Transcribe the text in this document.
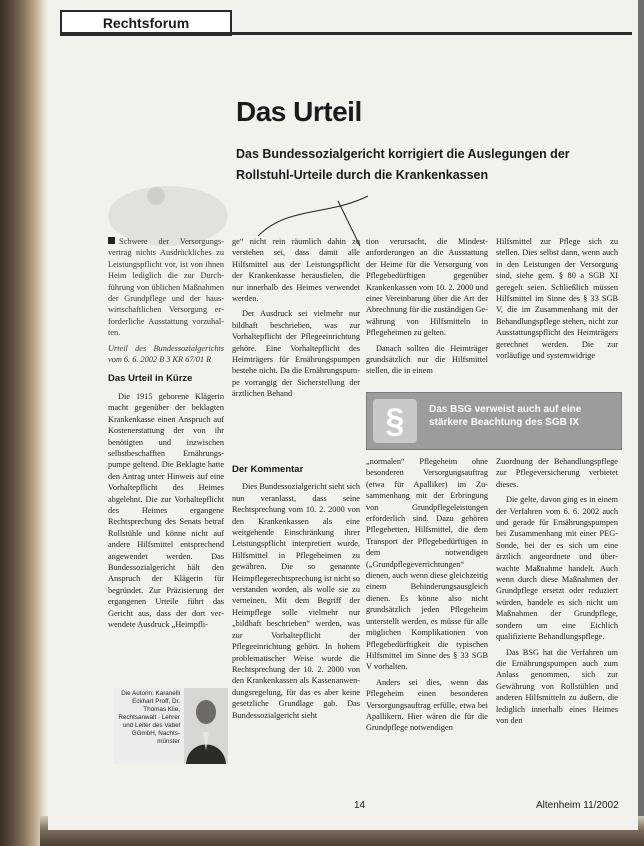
Rechtsforum
Das Urteil
Das Bundessozialgericht korrigiert die Auslegungen der Rollstuhl-Urteile durch die Krankenkassen
Schwere der Versorgungsvertrag nichts Ausdrückliches zu Leistungspflicht vor, ist von ihnen Heim lediglich die zur Durchführung von üblichen Maßnahmen der Grundpflege und der hauswirtschaftlichen Versorgung erforderliche Ausstattung vorzuhalten.
Urteil des Bundessozialgerichts vom 6. 6. 2002 B 3 KR 67/01 R
Das Urteil in Kürze

Die 1915 geborene Klägerin macht gegenüber der beklagten Krankenkasse einen Anspruch auf Kostenerstattung der von ihr benötigten und inzwischen selbstbeschafften Ernährungspumpe geltend. Die Beklagte hatte den Antrag unter Hinweis auf eine Vorhaltepflicht des Heimes abgelehnt. Die zur Vorhaltepflicht des Heimes ergangene Rechtsprechung des Senats betraf Rollstühle und könne nicht auf andere Hilfsmittel entsprechend angewendet werden. Das Bundessozialgericht hält den Anspruch der Klägerin für begründet. Zur Präzisierung der ergangenen Urteile führt das Gericht aus, dass der dort verwendete Ausdruck „Heimpfli-

ge“ nicht rein räumlich dahin zu verstehen sei, dass damit alle Hilfsmittel aus der Leistungspflicht der Krankenkasse herausfielen, die nur innerhalb des Heimes verwendet werden.

Der Ausdruck sei vielmehr nur bildhaft beschrieben, was zur Vorhaltepflicht der Pflegeeinrichtung gehöre. Eine Vorhaltepflicht des Heimträgers für Ernährungspumpen bestehe nicht. Da die Ernährungspumpe vorrangig der Sicherstellung der ärztlichen Behand

tion verursacht, die Mindestanforderungen an die Ausstattung der Heime für die Versorgung von Pflegebedürftigen gegenüber Krankenkassen vom 10. 2. 2000 und einer Vereinbarung über die Art der Abrechnung für die zuständigen Gewährung von Hilfsmitteln in Pflegeheimen zu gelten.

Danach sollten die Heimträger grundsätzlich nur die Hilfsmittel stellen, die in einem

Hilfsmittel zur Pflege sich zu stellen. Dies selbst dann, wenn auch in den Leistungen der Versorgung sind, siehe gem. § 80 a SGB XI geregelt seien. Schließlich müssen Hilfsmittel im Sinne des § 33 SGB V, die im Zusammenhang mit der Behandlungspflege stehen, nicht zur Ausstattungspflicht des Heimträgers gerechnet werden. Die zur vorläufige und systemwidrige

§	Das BSG verweist auch auf eine stärkere Beachtung des SGB IX
Der Kommentar

Dies Bundessozialgericht sieht sich nun veranlasst, dass seine Rechtsprechung vom 10. 2. 2000 von den Krankenkassen als eine weitgehende Einschränkung ihrer Leistungspflicht interpretiert wurde, Hilfsmittel in Pflegeheimen zu gewähren. Die so genannte Heimpflegerechtsprechung ist nicht so verstanden worden, als wolle sie zu verneinen. Mit dem Begriff der Heimpflege solle vielmehr nur „bildhaft beschrieben“ werden, was zur Vorhaltepflicht der Pflegeeinrichtung gehört. In hohem problematischer Weise wurde die Rechtsprechung der 10. 2. 2000 von den Krankenkassen als Kassenanwendungsregelung, für das es aber keine gesetzliche Grundlage gab. Das Bundessozialgericht sieht

„normalen“ Pflegeheim ohne besonderen Versorgungsauftrag (etwa für Apalliker) im Zusammenhang mit der Erbringung von Grundpflegeleistungen erforderlich sind. Dazu gehören Pflegebetten, Hilfsmittel, die dem Transport der Pflegebedürftigen in dem notwendigen („Grundpflegeverrichtungen“ dienen, auch wenn diese gleichzeitig einem Behinderungsausgleich dienen. Es könne also nicht grundsätzlich jeden Pflegeheim unterstellt werden, es müsse für alle möglichen Komplikationen von Pflegebedürftigkeit die typischen Hilfsmittel im Sinne des § 33 SGB V vorhalten.

Anders sei dies, wenn das Pflegeheim einen besonderen Versorgungsauftrag erfülle, etwa bei Apallikern. Hier wären die für die Grundpflege notwendigen

Zuordnung der Behandlungspflege zur Pflegeversicherung verbietet dieses.

Die gelte, davon ging es in einem der Verfahren vom 6. 6. 2002 auch und gerade für Ernährungspumpen bei Zusammenhang mit einer PEG-Sonde, bei der es sich um eine ärztlich angeordnete und überwachte Maßnahme handelt. Auch wenn durch diese Maßnahmen der Grundpflege ersetzt oder reduziert würden, handele es sich nicht um Maßnahmen der Grundpflege, sondern um eine Eichlich qualifizierte Behandlungspflege.

Das BSG hat die Verfahren um die Ernährungspumpen auch zum Anlass genommen, sich zur Gewährung von Rollstühlen und anderen Hilfsmitteln zu äußern, die lediglich innerhalb eines Heimes von den

Die Autorin: Karanelli Eckhart Proff, Dr. Thomas Klie, Rechtsanwalt · Lehrer und Leiter des Vabel GGmbH, Nachtsmünster
14	Altenheim 11/2002
